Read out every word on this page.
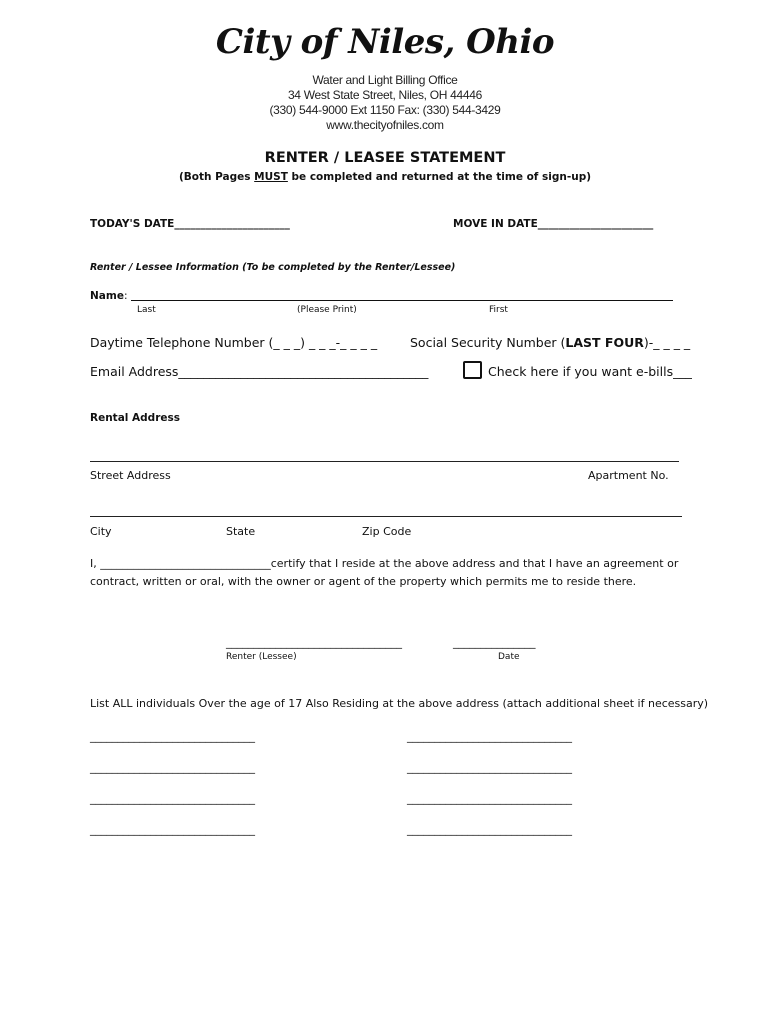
City of Niles, Ohio
Water and Light Billing Office
34 West State Street, Niles, OH 44446
(330) 544-9000 Ext 1150 Fax: (330) 544-3429
www.thecityofniles.com
RENTER / LEASEE STATEMENT
(Both Pages MUST be completed and returned at the time of sign-up)
TODAY'S DATE______________________	MOVE IN DATE______________________
Renter / Lessee Information (To be completed by the Renter/Lessee)
Name:
Last	(Please Print)	First
Daytime Telephone Number (_ _ _) _ _ _-_ _ _ _	Social Security Number (LAST FOUR)-_ _ _ _
Email Address________________________________________	Check here if you want e-bills___
Rental Address
Street Address	Apartment No.
City	State	Zip Code
I, _______________________________certify that I reside at the above address and that I have an agreement or
contract, written or oral, with the owner or agent of the property which permits me to reside there.
________________________________	_______________
Renter (Lessee)	Date
List ALL individuals Over the age of 17 Also Residing at the above address (attach additional sheet if necessary)
______________________________	______________________________
______________________________	______________________________
______________________________	______________________________
______________________________	______________________________
